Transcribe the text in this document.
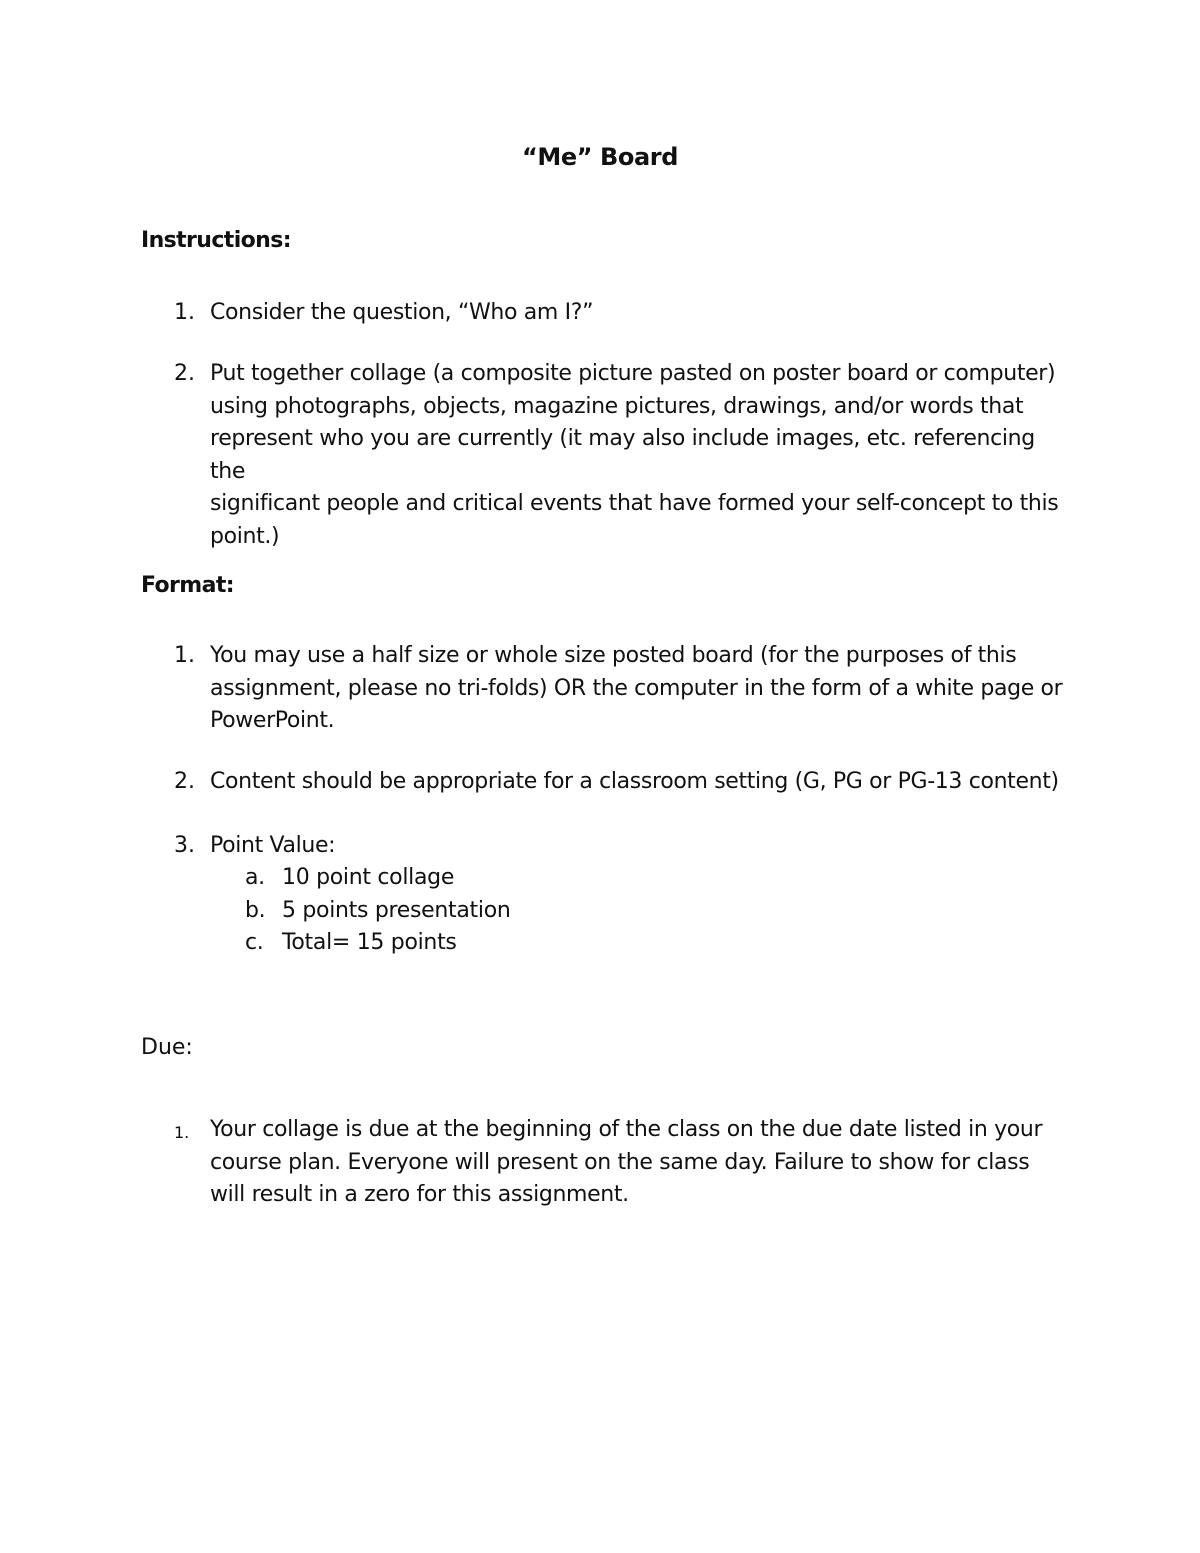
“Me” Board
Instructions:
1. Consider the question, “Who am I?”
2. Put together collage (a composite picture pasted on poster board or computer)
using photographs, objects, magazine pictures, drawings, and/or words that
represent who you are currently (it may also include images, etc. referencing the
significant people and critical events that have formed your self-concept to this
point.)
Format:
1. You may use a half size or whole size posted board (for the purposes of this
assignment, please no tri-folds) OR the computer in the form of a white page or
PowerPoint.
2. Content should be appropriate for a classroom setting (G, PG or PG-13 content)
3. Point Value:
a. 10 point collage
b. 5 points presentation
c. Total= 15 points
Due:
1. Your collage is due at the beginning of the class on the due date listed in your
course plan. Everyone will present on the same day. Failure to show for class
will result in a zero for this assignment.
